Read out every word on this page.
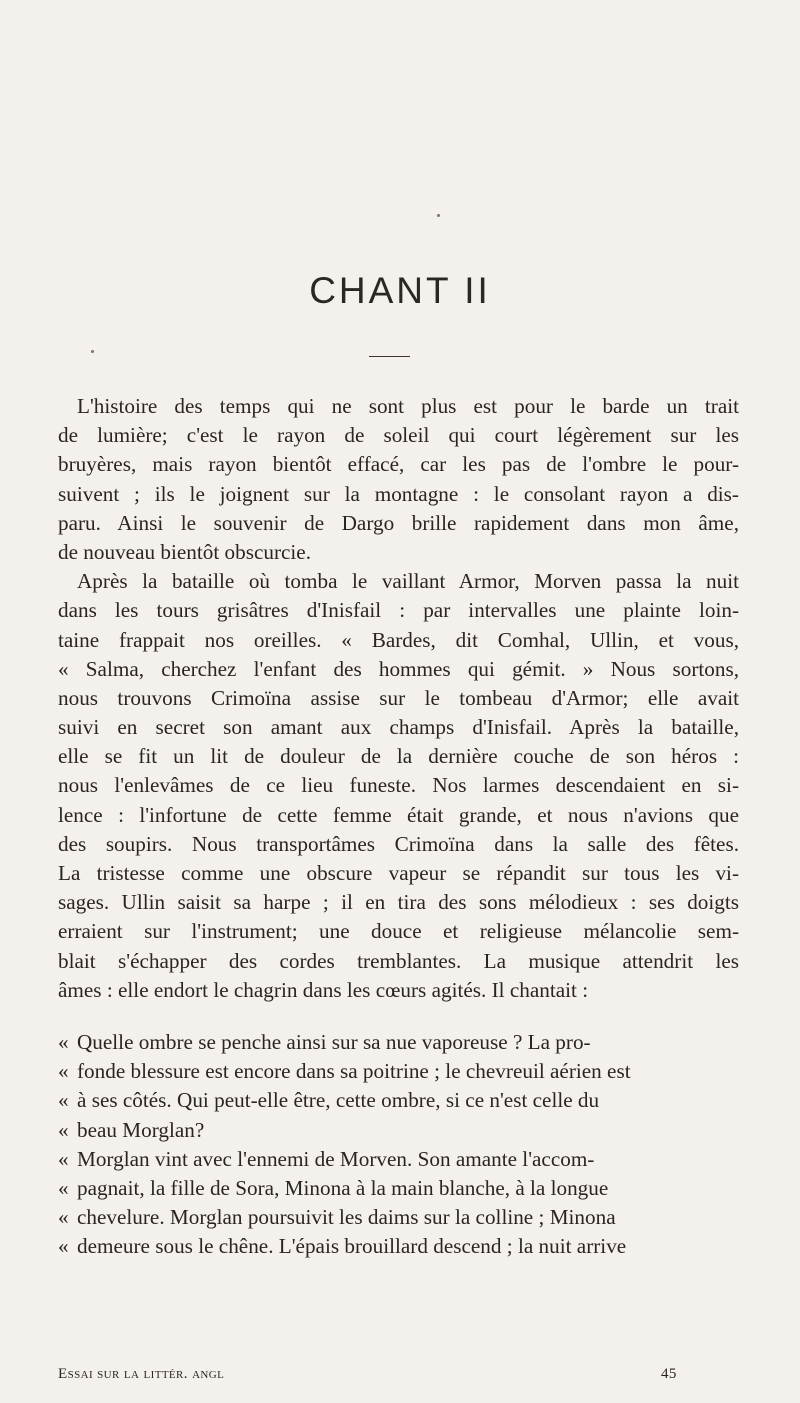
CHANT II
L'histoire des temps qui ne sont plus est pour le barde un trait
de lumière; c'est le rayon de soleil qui court légèrement sur les
bruyères, mais rayon bientôt effacé, car les pas de l'ombre le pour-
suivent ; ils le joignent sur la montagne : le consolant rayon a dis-
paru. Ainsi le souvenir de Dargo brille rapidement dans mon âme,
de nouveau bientôt obscurcie.
Après la bataille où tomba le vaillant Armor, Morven passa la nuit
dans les tours grisâtres d'Inisfail : par intervalles une plainte loin-
taine frappait nos oreilles. « Bardes, dit Comhal, Ullin, et vous,
« Salma, cherchez l'enfant des hommes qui gémit. » Nous sortons,
nous trouvons Crimoïna assise sur le tombeau d'Armor; elle avait
suivi en secret son amant aux champs d'Inisfail. Après la bataille,
elle se fit un lit de douleur de la dernière couche de son héros :
nous l'enlevâmes de ce lieu funeste. Nos larmes descendaient en si-
lence : l'infortune de cette femme était grande, et nous n'avions que
des soupirs. Nous transportâmes Crimoïna dans la salle des fêtes.
La tristesse comme une obscure vapeur se répandit sur tous les vi-
sages. Ullin saisit sa harpe ; il en tira des sons mélodieux : ses doigts
erraient sur l'instrument; une douce et religieuse mélancolie sem-
blait s'échapper des cordes tremblantes. La musique attendrit les
âmes : elle endort le chagrin dans les cœurs agités. Il chantait :
« Quelle ombre se penche ainsi sur sa nue vaporeuse ? La pro-
« fonde blessure est encore dans sa poitrine ; le chevreuil aérien est
« à ses côtés. Qui peut-elle être, cette ombre, si ce n'est celle du
« beau Morglan?
« Morglan vint avec l'ennemi de Morven. Son amante l'accom-
« pagnait, la fille de Sora, Minona à la main blanche, à la longue
« chevelure. Morglan poursuivit les daims sur la colline ; Minona
« demeure sous le chêne. L'épais brouillard descend ; la nuit arrive
Essai sur la littér. angl	45
